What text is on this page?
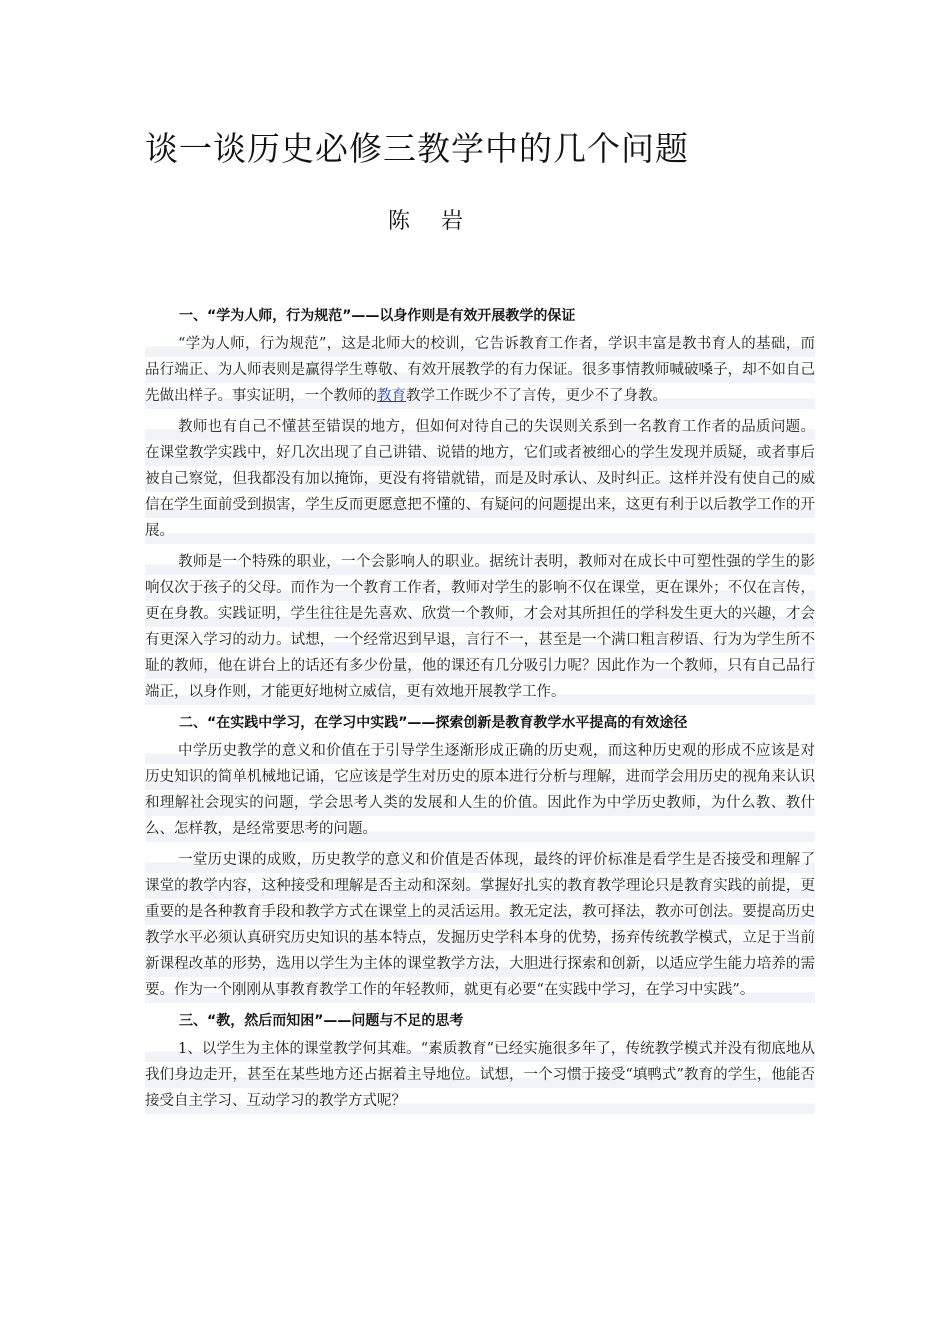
谈一谈历史必修三教学中的几个问题
陈 岩
一、“学为人师，行为规范”——以身作则是有效开展教学的保证

“学为人师，行为规范”，这是北师大的校训，它告诉教育工作者，学识丰富是教书育人的基础，而品行端正、为人师表则是赢得学生尊敬、有效开展教学的有力保证。很多事情教师喊破嗓子，却不如自己先做出样子。事实证明，一个教师的教育教学工作既少不了言传，更少不了身教。

教师也有自己不懂甚至错误的地方，但如何对待自己的失误则关系到一名教育工作者的品质问题。在课堂教学实践中，好几次出现了自己讲错、说错的地方，它们或者被细心的学生发现并质疑，或者事后被自己察觉，但我都没有加以掩饰，更没有将错就错，而是及时承认、及时纠正。这样并没有使自己的威信在学生面前受到损害，学生反而更愿意把不懂的、有疑问的问题提出来，这更有利于以后教学工作的开展。

教师是一个特殊的职业，一个会影响人的职业。据统计表明，教师对在成长中可塑性强的学生的影响仅次于孩子的父母。而作为一个教育工作者，教师对学生的影响不仅在课堂，更在课外；不仅在言传，更在身教。实践证明，学生往往是先喜欢、欣赏一个教师，才会对其所担任的学科发生更大的兴趣，才会有更深入学习的动力。试想，一个经常迟到早退，言行不一，甚至是一个满口粗言秽语、行为为学生所不耻的教师，他在讲台上的话还有多少份量，他的课还有几分吸引力呢？因此作为一个教师，只有自己品行端正，以身作则，才能更好地树立威信，更有效地开展教学工作。

二、“在实践中学习，在学习中实践”——探索创新是教育教学水平提高的有效途径

中学历史教学的意义和价值在于引导学生逐渐形成正确的历史观，而这种历史观的形成不应该是对历史知识的简单机械地记诵，它应该是学生对历史的原本进行分析与理解，进而学会用历史的视角来认识和理解社会现实的问题，学会思考人类的发展和人生的价值。因此作为中学历史教师，为什么教、教什么、怎样教，是经常要思考的问题。

一堂历史课的成败，历史教学的意义和价值是否体现，最终的评价标准是看学生是否接受和理解了课堂的教学内容，这种接受和理解是否主动和深刻。掌握好扎实的教育教学理论只是教育实践的前提，更重要的是各种教育手段和教学方式在课堂上的灵活运用。教无定法，教可择法，教亦可创法。要提高历史教学水平必须认真研究历史知识的基本特点，发掘历史学科本身的优势，扬弃传统教学模式，立足于当前新课程改革的形势，选用以学生为主体的课堂教学方法，大胆进行探索和创新，以适应学生能力培养的需要。作为一个刚刚从事教育教学工作的年轻教师，就更有必要“在实践中学习，在学习中实践”。

三、“教，然后而知困”——问题与不足的思考

1、以学生为主体的课堂教学何其难。“素质教育”已经实施很多年了，传统教学模式并没有彻底地从我们身边走开，甚至在某些地方还占据着主导地位。试想，一个习惯于接受“填鸭式”教育的学生，他能否接受自主学习、互动学习的教学方式呢？
